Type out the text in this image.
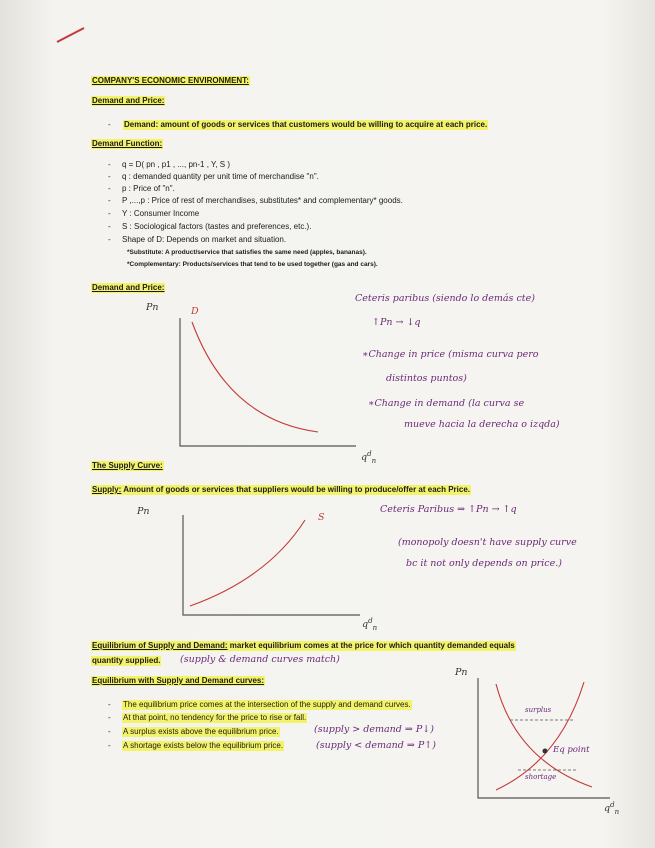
COMPANY'S ECONOMIC ENVIRONMENT:
Demand and Price:
- Demand: amount of goods or services that customers would be willing to acquire at each price.
Demand Function:
- q = D( pn , p1 , ..., pn-1 , Y, S )
- q : demanded quantity per unit time of merchandise "n".
- p : Price of "n".
- P ,...,p : Price of rest of merchandises, substitutes* and complementary* goods.
- Y : Consumer Income
- S : Sociological factors (tastes and preferences, etc.).
- Shape of D: Depends on market and situation.
*Substitute: A product/service that satisfies the same need (apples, bananas).
*Complementary: Products/services that tend to be used together (gas and cars).
Demand and Price:
Pn	D
$q^d_n$
Ceteris paribus (siendo lo demás cte)
↑Pn → ↓q
∗Change in price (misma curva pero
distintos puntos)
∗Change in demand (la curva se
mueve hacia la derecha o izqda)
The Supply Curve:
Supply: Amount of goods or services that suppliers would be willing to produce/offer at each Price.
Pn
S
$q^d_n$
Ceteris Paribus ⇒ ↑Pn → ↑q
(monopoly doesn't have supply curve
bc it not only depends on price.)
Equilibrium of Supply and Demand: market equilibrium comes at the price for which quantity demanded equals
quantity supplied. (supply & demand curves match)
Equilibrium with Supply and Demand curves:
- The equilibrium price comes at the intersection of the supply and demand curves.
- At that point, no tendency for the price to rise or fall.
- A surplus exists above the equilibrium price.	(supply > demand ⇒ P↓)
- A shortage exists below the equilibrium price.	(supply < demand ⇒ P↑)
Pn
surplus
Eq point
shortage
$q^d_n$
